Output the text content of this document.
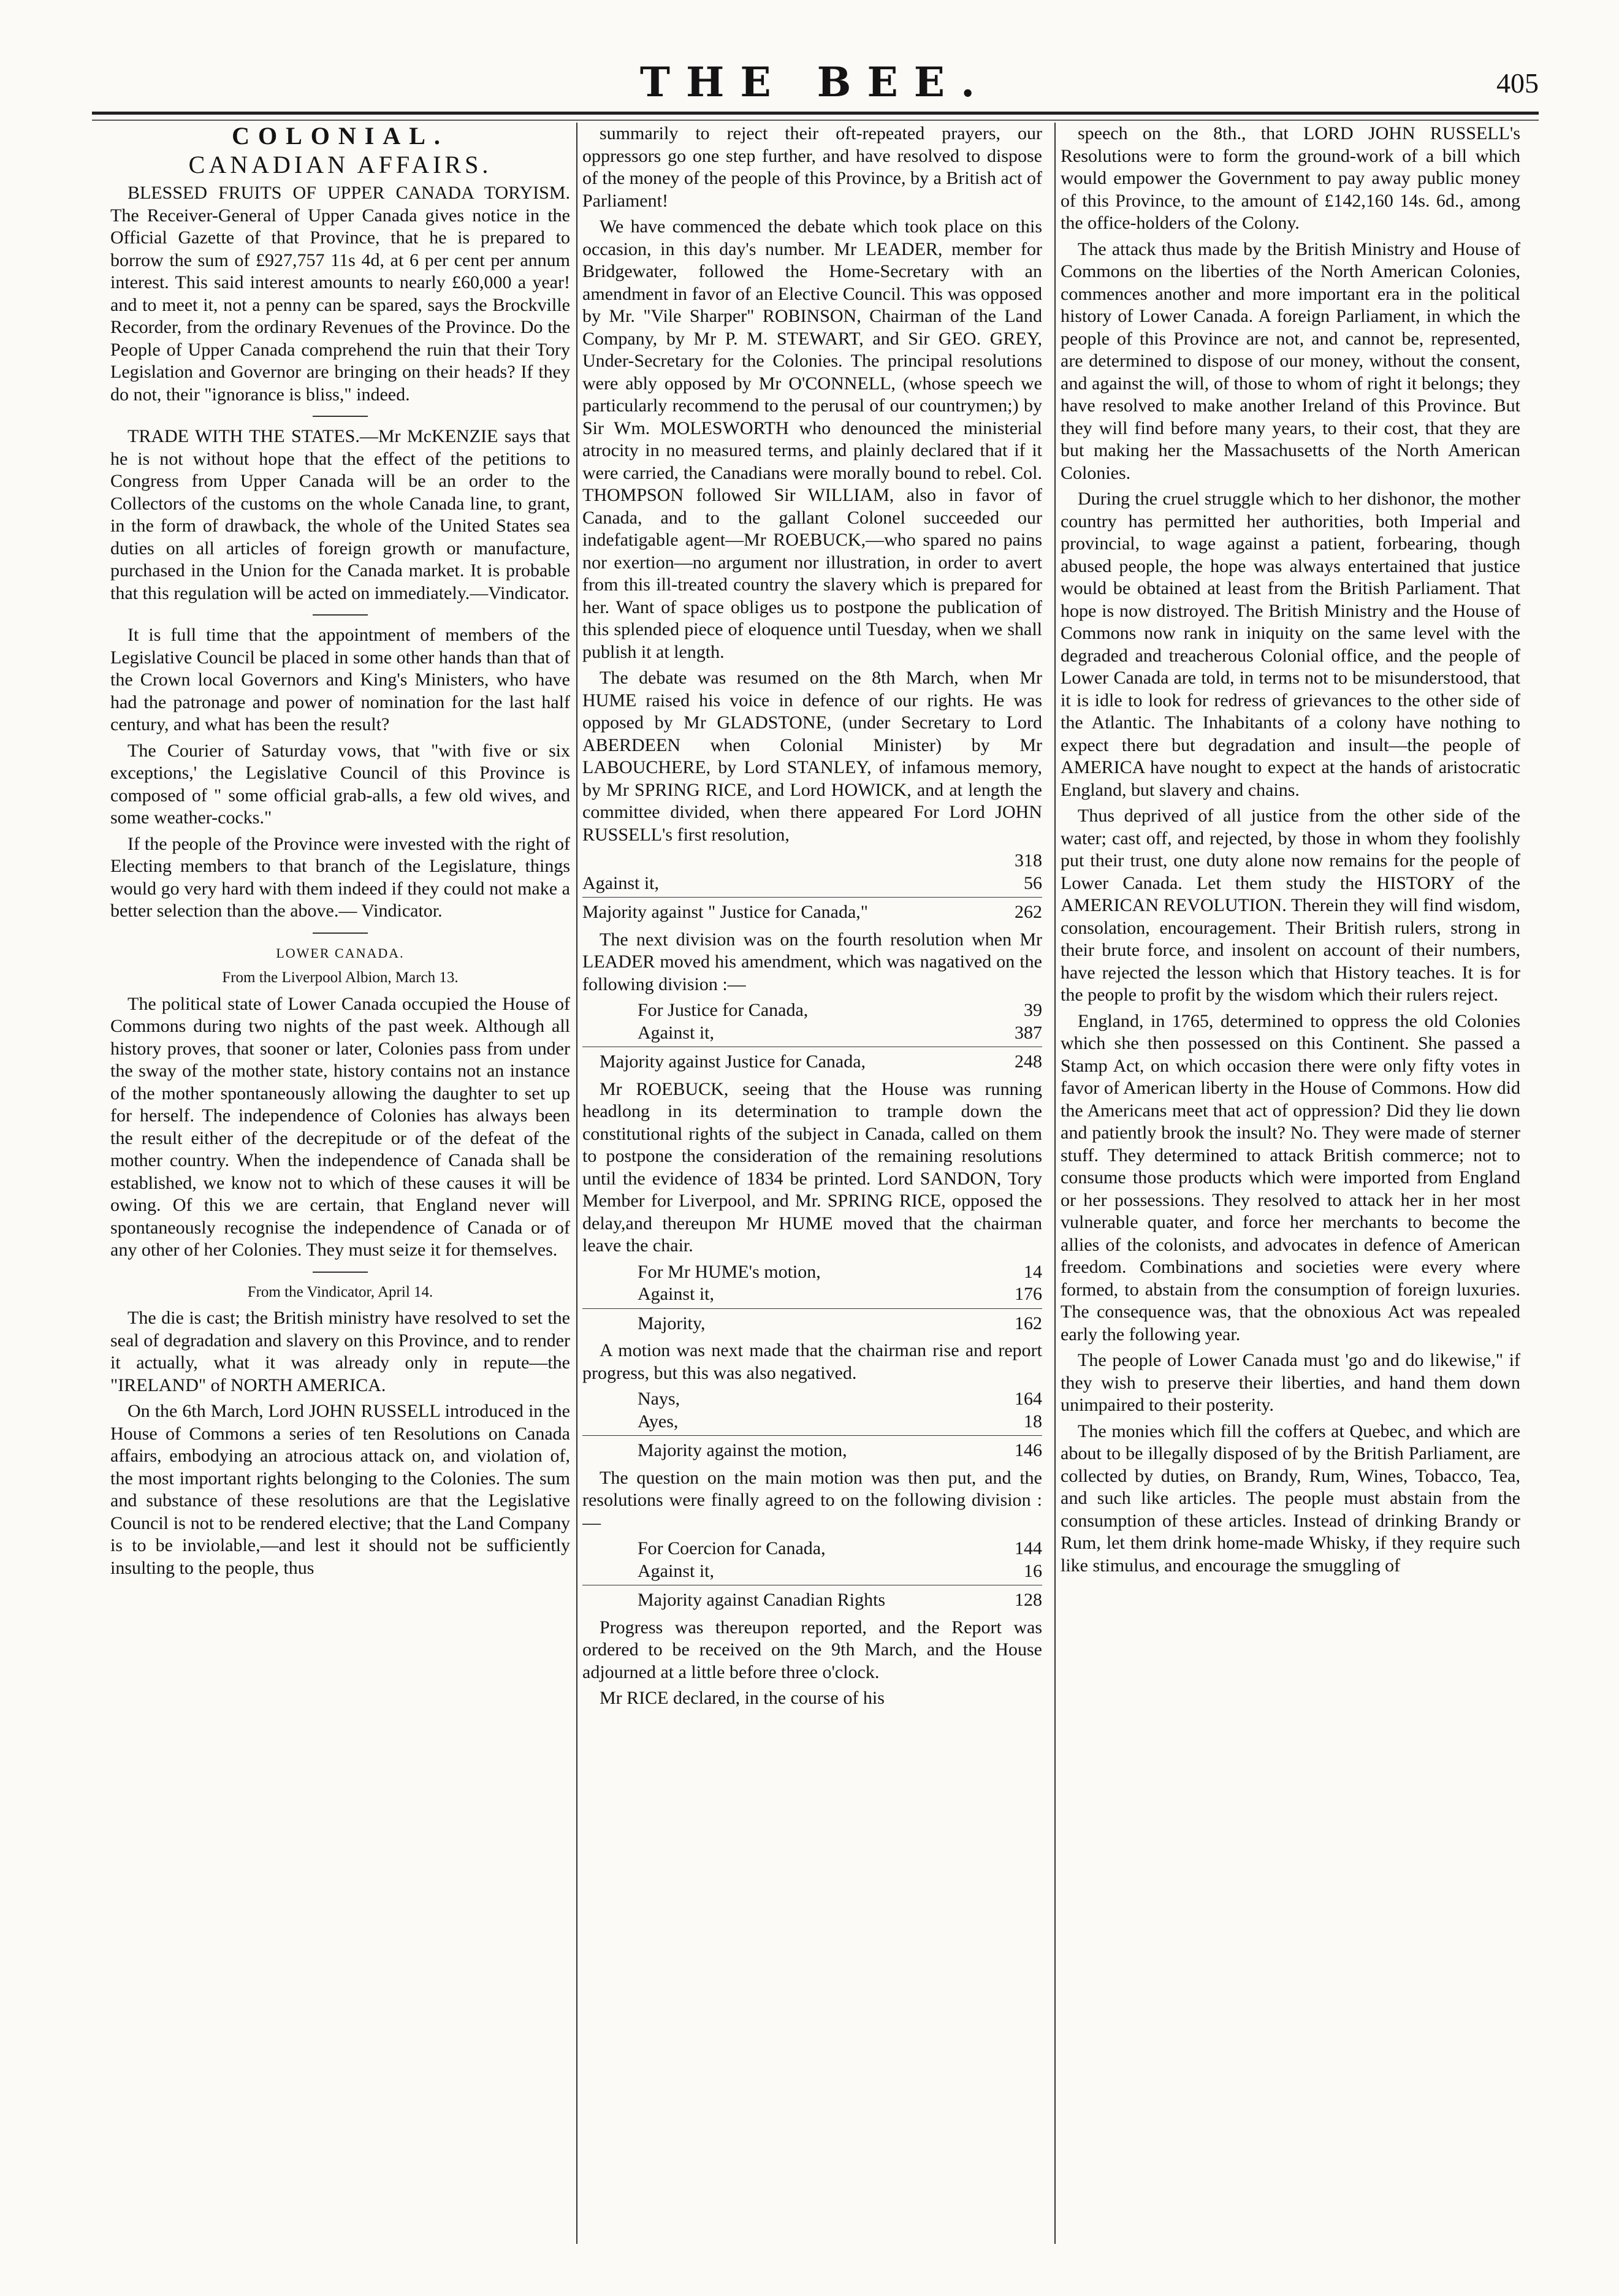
THE BEE.	405
COLONIAL.
CANADIAN AFFAIRS.

BLESSED FRUITS OF UPPER CANADA TORYISM. The Receiver-General of Upper Canada gives notice in the Official Gazette of that Province, that he is prepared to borrow the sum of £927,757 11s 4d, at 6 per cent per annum interest. This said interest amounts to nearly £60,000 a year! and to meet it, not a penny can be spared, says the Brockville Recorder, from the ordinary Revenues of the Province. Do the People of Upper Canada comprehend the ruin that their Tory Legislation and Governor are bringing on their heads? If they do not, their "ignorance is bliss," indeed.

TRADE WITH THE STATES.—Mr McKENZIE says that he is not without hope that the effect of the petitions to Congress from Upper Canada will be an order to the Collectors of the customs on the whole Canada line, to grant, in the form of drawback, the whole of the United States sea duties on all articles of foreign growth or manufacture, purchased in the Union for the Canada market. It is probable that this regulation will be acted on immediately.—Vindicator.

It is full time that the appointment of members of the Legislative Council be placed in some other hands than that of the Crown local Governors and King's Ministers, who have had the patronage and power of nomination for the last half century, and what has been the result?

The Courier of Saturday vows, that "with five or six exceptions,' the Legislative Council of this Province is composed of " some official grab-alls, a few old wives, and some weather-cocks."

If the people of the Province were invested with the right of Electing members to that branch of the Legislature, things would go very hard with them indeed if they could not make a better selection than the above.— Vindicator.

LOWER CANADA.
From the Liverpool Albion, March 13.

The political state of Lower Canada occupied the House of Commons during two nights of the past week. Although all history proves, that sooner or later, Colonies pass from under the sway of the mother state, history contains not an instance of the mother spontaneously allowing the daughter to set up for herself. The independence of Colonies has always been the result either of the decrepitude or of the defeat of the mother country. When the independence of Canada shall be established, we know not to which of these causes it will be owing. Of this we are certain, that England never will spontaneously recognise the independence of Canada or of any other of her Colonies. They must seize it for themselves.

From the Vindicator, April 14.

The die is cast; the British ministry have resolved to set the seal of degradation and slavery on this Province, and to render it actually, what it was already only in repute—the "IRELAND" of NORTH AMERICA.

On the 6th March, Lord JOHN RUSSELL introduced in the House of Commons a series of ten Resolutions on Canada affairs, embodying an atrocious attack on, and violation of, the most important rights belonging to the Colonies. The sum and substance of these resolutions are that the Legislative Council is not to be rendered elective; that the Land Company is to be inviolable,—and lest it should not be sufficiently insulting to the people, thus

summarily to reject their oft-repeated prayers, our oppressors go one step further, and have resolved to dispose of the money of the people of this Province, by a British act of Parliament!

We have commenced the debate which took place on this occasion, in this day's number. Mr LEADER, member for Bridgewater, followed the Home-Secretary with an amendment in favor of an Elective Council. This was opposed by Mr. "Vile Sharper" ROBINSON, Chairman of the Land Company, by Mr P. M. STEWART, and Sir GEO. GREY, Under-Secretary for the Colonies. The principal resolutions were ably opposed by Mr O'CONNELL, (whose speech we particularly recommend to the perusal of our countrymen;) by Sir Wm. MOLESWORTH who denounced the ministerial atrocity in no measured terms, and plainly declared that if it were carried, the Canadians were morally bound to rebel. Col. THOMPSON followed Sir WILLIAM, also in favor of Canada, and to the gallant Colonel succeeded our indefatigable agent—Mr ROEBUCK,—who spared no pains nor exertion—no argument nor illustration, in order to avert from this ill-treated country the slavery which is prepared for her. Want of space obliges us to postpone the publication of this splended piece of eloquence until Tuesday, when we shall publish it at length.

The debate was resumed on the 8th March, when Mr HUME raised his voice in defence of our rights. He was opposed by Mr GLADSTONE, (under Secretary to Lord ABERDEEN when Colonial Minister) by Mr LABOUCHERE, by Lord STANLEY, of infamous memory, by Mr SPRING RICE, and Lord HOWICK, and at length the committee divided, when there appeared For Lord JOHN RUSSELL's first resolution,

318
Against it,	56
Majority against " Justice for Canada,"	262

The next division was on the fourth resolution when Mr LEADER moved his amendment, which was nagatived on the following division :—

For Justice for Canada,	39
Against it,	387
Majority against Justice for Canada,	248

Mr ROEBUCK, seeing that the House was running headlong in its determination to trample down the constitutional rights of the subject in Canada, called on them to postpone the consideration of the remaining resolutions until the evidence of 1834 be printed. Lord SANDON, Tory Member for Liverpool, and Mr. SPRING RICE, opposed the delay,and thereupon Mr HUME moved that the chairman leave the chair.

For Mr HUME's motion,	14
Against it,	176
Majority,	162

A motion was next made that the chairman rise and report progress, but this was also negatived.

Nays,	164
Ayes,	18
Majority against the motion,	146

The question on the main motion was then put, and the resolutions were finally agreed to on the following division :—

For Coercion for Canada,	144
Against it,	16
Majority against Canadian Rights	128

Progress was thereupon reported, and the Report was ordered to be received on the 9th March, and the House adjourned at a little before three o'clock.

Mr RICE declared, in the course of his

speech on the 8th., that LORD JOHN RUSSELL's Resolutions were to form the ground-work of a bill which would empower the Government to pay away public money of this Province, to the amount of £142,160 14s. 6d., among the office-holders of the Colony.

The attack thus made by the British Ministry and House of Commons on the liberties of the North American Colonies, commences another and more important era in the political history of Lower Canada. A foreign Parliament, in which the people of this Province are not, and cannot be, represented, are determined to dispose of our money, without the consent, and against the will, of those to whom of right it belongs; they have resolved to make another Ireland of this Province. But they will find before many years, to their cost, that they are but making her the Massachusetts of the North American Colonies.

During the cruel struggle which to her dishonor, the mother country has permitted her authorities, both Imperial and provincial, to wage against a patient, forbearing, though abused people, the hope was always entertained that justice would be obtained at least from the British Parliament. That hope is now distroyed. The British Ministry and the House of Commons now rank in iniquity on the same level with the degraded and treacherous Colonial office, and the people of Lower Canada are told, in terms not to be misunderstood, that it is idle to look for redress of grievances to the other side of the Atlantic. The Inhabitants of a colony have nothing to expect there but degradation and insult—the people of AMERICA have nought to expect at the hands of aristocratic England, but slavery and chains.

Thus deprived of all justice from the other side of the water; cast off, and rejected, by those in whom they foolishly put their trust, one duty alone now remains for the people of Lower Canada. Let them study the HISTORY of the AMERICAN REVOLUTION. Therein they will find wisdom, consolation, encouragement. Their British rulers, strong in their brute force, and insolent on account of their numbers, have rejected the lesson which that History teaches. It is for the people to profit by the wisdom which their rulers reject.

England, in 1765, determined to oppress the old Colonies which she then possessed on this Continent. She passed a Stamp Act, on which occasion there were only fifty votes in favor of American liberty in the House of Commons. How did the Americans meet that act of oppression? Did they lie down and patiently brook the insult? No. They were made of sterner stuff. They determined to attack British commerce; not to consume those products which were imported from England or her possessions. They resolved to attack her in her most vulnerable quater, and force her merchants to become the allies of the colonists, and advocates in defence of American freedom. Combinations and societies were every where formed, to abstain from the consumption of foreign luxuries. The consequence was, that the obnoxious Act was repealed early the following year.

The people of Lower Canada must 'go and do likewise," if they wish to preserve their liberties, and hand them down unimpaired to their posterity.

The monies which fill the coffers at Quebec, and which are about to be illegally disposed of by the British Parliament, are collected by duties, on Brandy, Rum, Wines, Tobacco, Tea, and such like articles. The people must abstain from the consumption of these articles. Instead of drinking Brandy or Rum, let them drink home-made Whisky, if they require such like stimulus, and encourage the smuggling of
